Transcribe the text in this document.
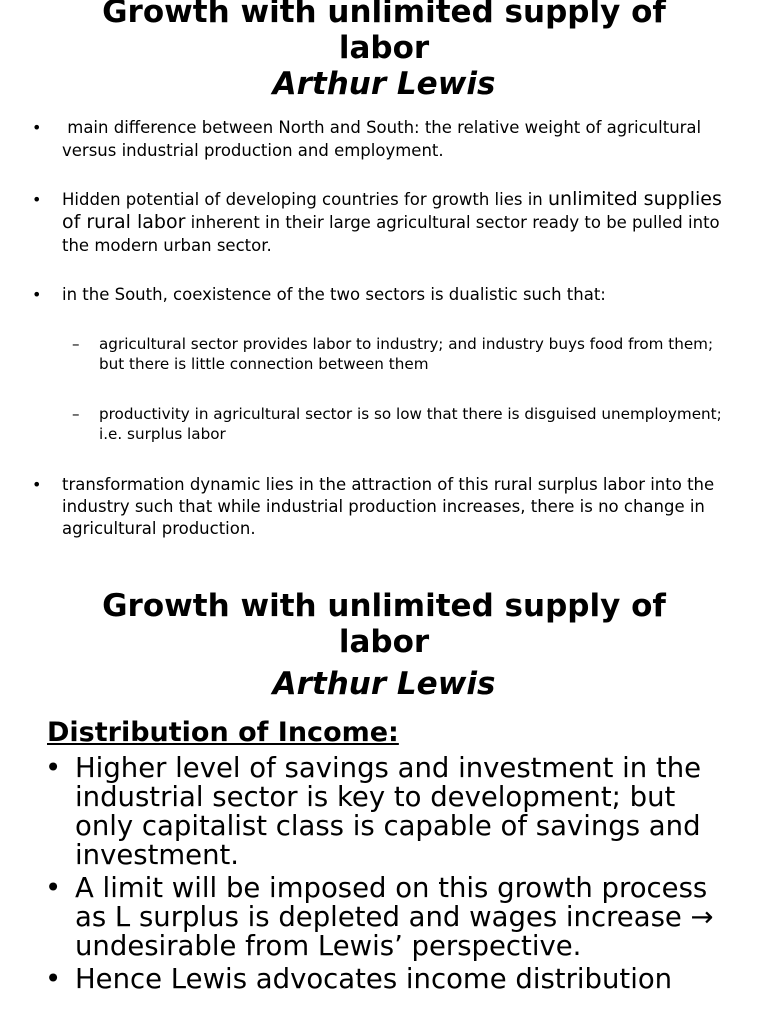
Growth with unlimited supply of
labor
Arthur Lewis
• main difference between North and South: the relative weight of agricultural versus industrial production and employment.
• Hidden potential of developing countries for growth lies in unlimited supplies of rural labor inherent in their large agricultural sector ready to be pulled into the modern urban sector.
• in the South, coexistence of the two sectors is dualistic such that:
– agricultural sector provides labor to industry; and industry buys food from them; but there is little connection between them
– productivity in agricultural sector is so low that there is disguised unemployment; i.e. surplus labor
• transformation dynamic lies in the attraction of this rural surplus labor into the industry such that while industrial production increases, there is no change in agricultural production.
Growth with unlimited supply of
labor
Arthur Lewis
Distribution of Income:
• Higher level of savings and investment in the industrial sector is key to development; but only capitalist class is capable of savings and investment.
• A limit will be imposed on this growth process as L surplus is depleted and wages increase → undesirable from Lewis’ perspective.
• Hence Lewis advocates income distribution
